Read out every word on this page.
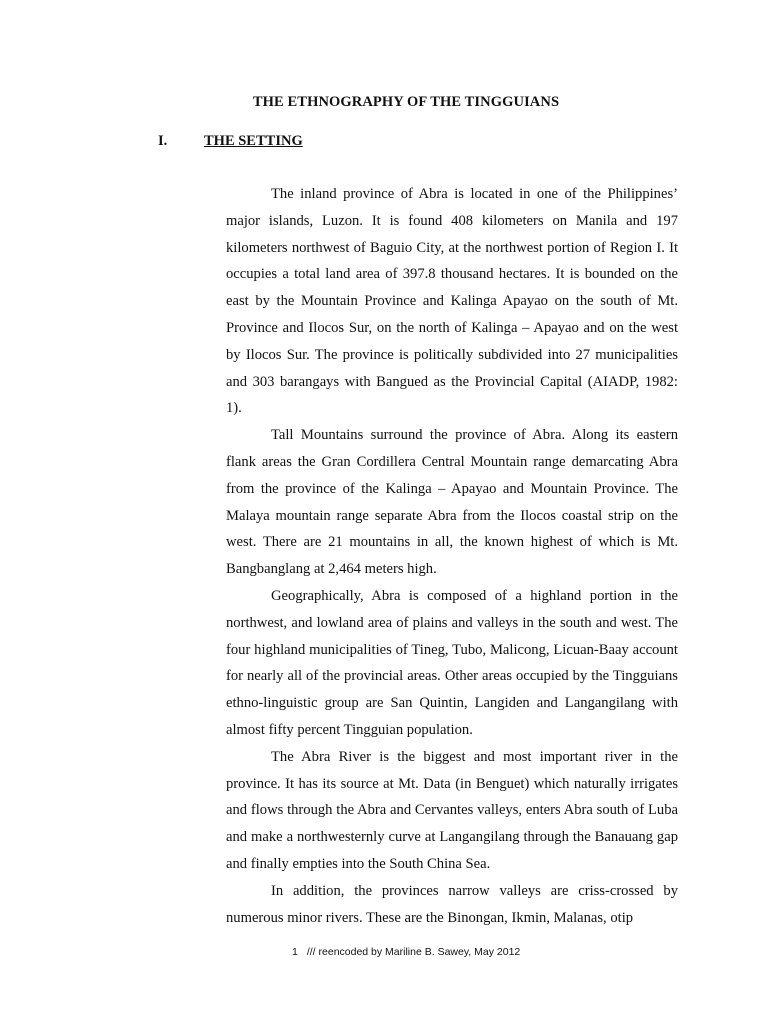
THE ETHNOGRAPHY OF THE TINGGUIANS
I.	THE SETTING

The inland province of Abra is located in one of the Philippines’ major islands, Luzon. It is found 408 kilometers on Manila and 197 kilometers northwest of Baguio City, at the northwest portion of Region I. It occupies a total land area of 397.8 thousand hectares. It is bounded on the east by the Mountain Province and Kalinga Apayao on the south of Mt. Province and Ilocos Sur, on the north of Kalinga – Apayao and on the west by Ilocos Sur. The province is politically subdivided into 27 municipalities and 303 barangays with Bangued as the Provincial Capital (AIADP, 1982: 1).

Tall Mountains surround the province of Abra. Along its eastern flank areas the Gran Cordillera Central Mountain range demarcating Abra from the province of the Kalinga – Apayao and Mountain Province. The Malaya mountain range separate Abra from the Ilocos coastal strip on the west. There are 21 mountains in all, the known highest of which is Mt. Bangbanglang at 2,464 meters high.

Geographically, Abra is composed of a highland portion in the northwest, and lowland area of plains and valleys in the south and west. The four highland municipalities of Tineg, Tubo, Malicong, Licuan-Baay account for nearly all of the provincial areas. Other areas occupied by the Tingguians ethno-linguistic group are San Quintin, Langiden and Langangilang with almost fifty percent Tingguian population.

The Abra River is the biggest and most important river in the province. It has its source at Mt. Data (in Benguet) which naturally irrigates and flows through the Abra and Cervantes valleys, enters Abra south of Luba and make a northwesternly curve at Langangilang through the Banauang gap and finally empties into the South China Sea.

In addition, the provinces narrow valleys are criss-crossed by numerous minor rivers. These are the Binongan, Ikmin, Malanas, otip

1 /// reencoded by Mariline B. Sawey, May 2012
